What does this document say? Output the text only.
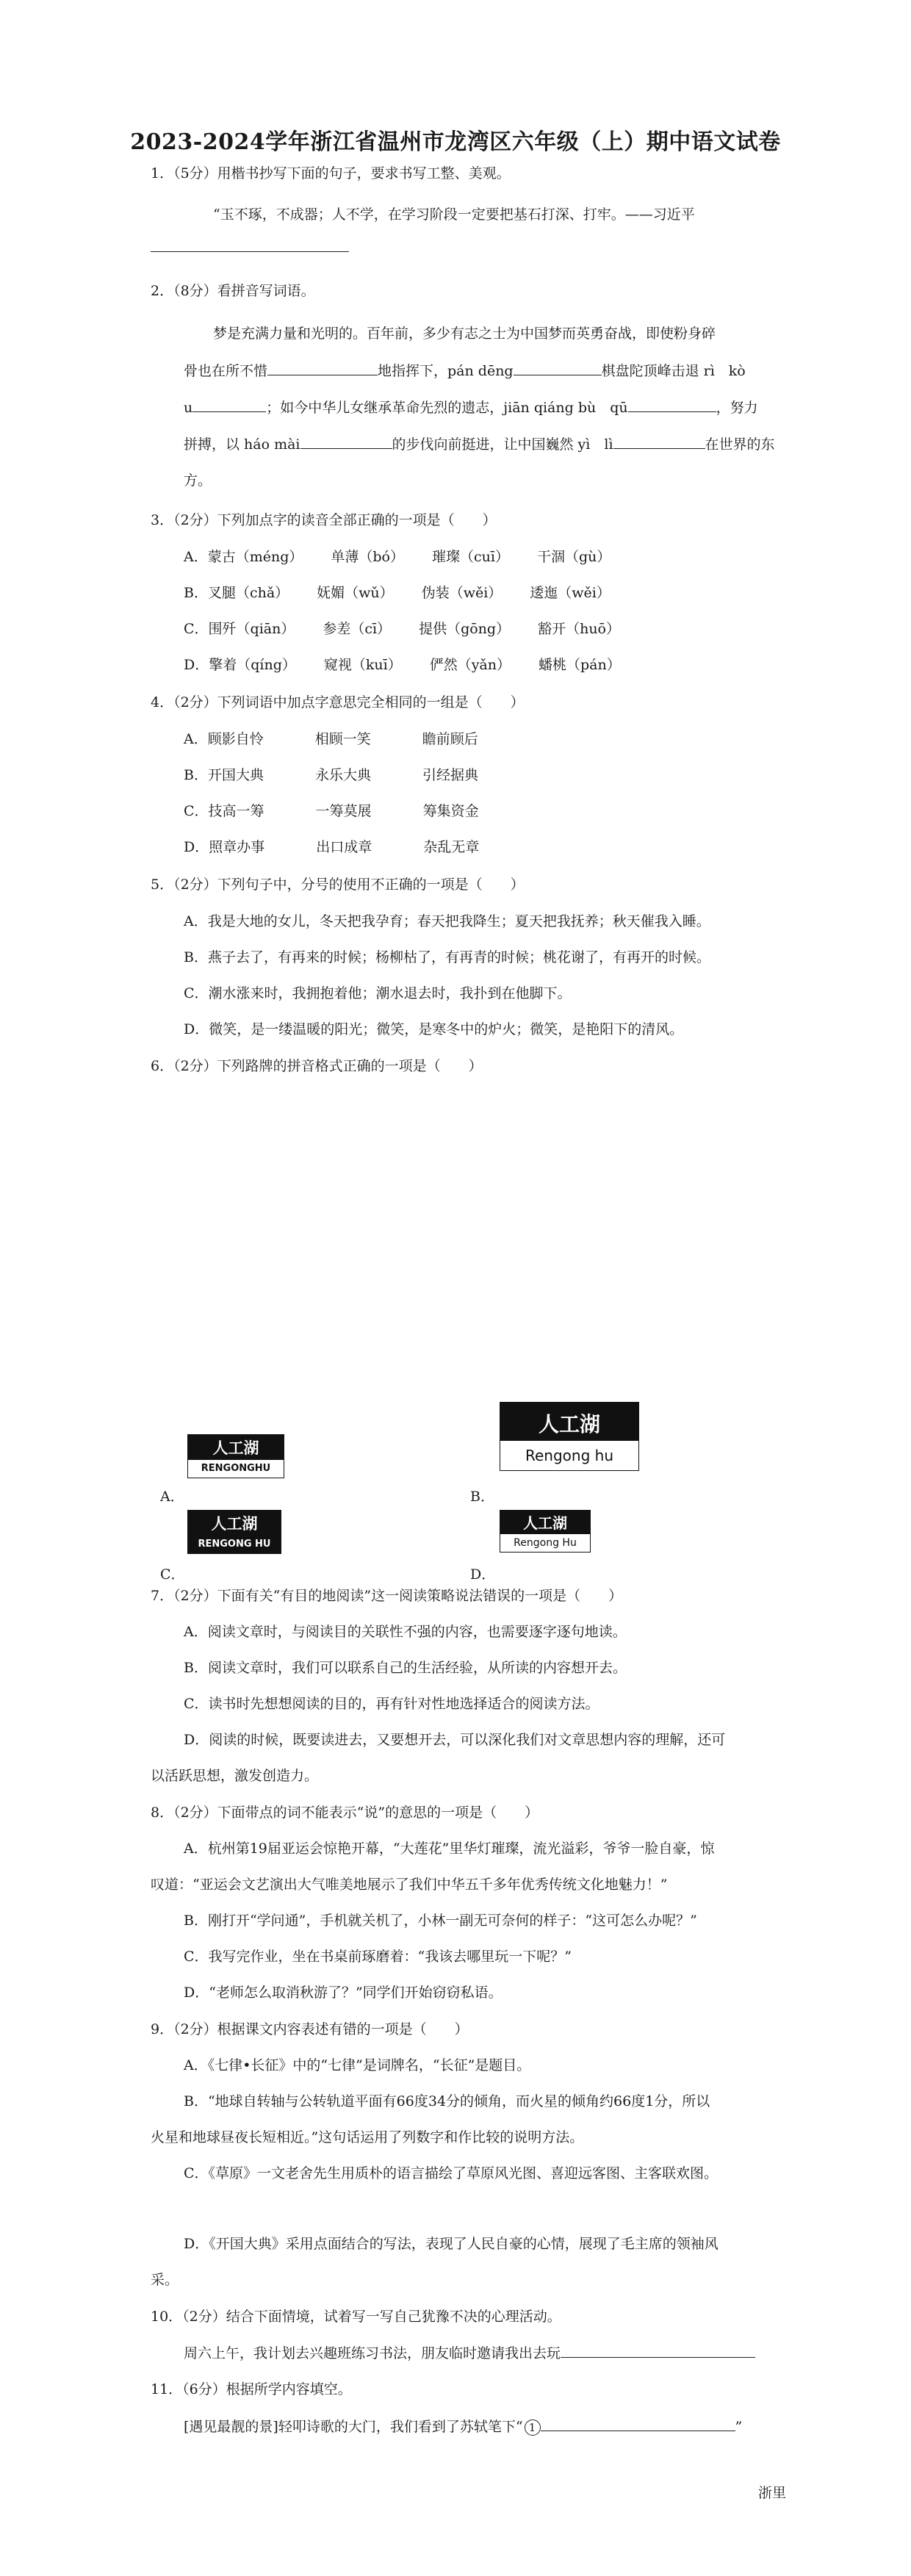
2023-2024学年浙江省温州市龙湾区六年级（上）期中语文试卷
1．（5分）用楷书抄写下面的句子，要求书写工整、美观。
“玉不琢，不成器；人不学，在学习阶段一定要把基石打深、打牢。——习近平
2．（8分）看拼音写词语。
梦是充满力量和光明的。百年前，多少有志之士为中国梦而英勇奋战，即使粉身碎
骨也在所不惜	地指挥下，pán dēng	棋盘陀顶峰击退 rì　kò
u	；如今中华儿女继承革命先烈的遗志，jiān qiáng bù　qū	，努力
拼搏，以 háo mài	的步伐向前挺进，让中国巍然 yì　lì	在世界的东
方。
3．（2分）下列加点字的读音全部正确的一项是（　　）
A．蒙古（méng） 单薄（bó） 璀璨（cuī） 干涸（gù）
B．叉腿（chǎ） 妩媚（wǔ） 伪装（wěi） 逶迤（wěi）
C．围歼（qiān） 参差（cī） 提供（gōng） 豁开（huō）
D．擎着（qíng） 窥视（kuī） 俨然（yǎn） 蟠桃（pán）
4．（2分）下列词语中加点字意思完全相同的一组是（　　）
A．顾影自怜	相顾一笑	瞻前顾后
B．开国大典	永乐大典	引经据典
C．技高一筹	一筹莫展	筹集资金
D．照章办事	出口成章	杂乱无章
5．（2分）下列句子中，分号的使用不正确的一项是（　　）
A．我是大地的女儿，冬天把我孕育；春天把我降生；夏天把我抚养；秋天催我入睡。
B．燕子去了，有再来的时候；杨柳枯了，有再青的时候；桃花谢了，有再开的时候。
C．潮水涨来时，我拥抱着他；潮水退去时，我扑到在他脚下。
D．微笑，是一缕温暖的阳光；微笑，是寒冬中的炉火；微笑，是艳阳下的清风。
6．（2分）下列路牌的拼音格式正确的一项是（　　）
A．
人工湖
RENGONGHU
B．
人工湖
Rengong hu
C．
人工湖
RENGONG HU
D．
人工湖
Rengong Hu
7．（2分）下面有关“有目的地阅读”这一阅读策略说法错误的一项是（　　）
A．阅读文章时，与阅读目的关联性不强的内容，也需要逐字逐句地读。
B．阅读文章时，我们可以联系自己的生活经验，从所读的内容想开去。
C．读书时先想想阅读的目的，再有针对性地选择适合的阅读方法。
D．阅读的时候，既要读进去，又要想开去，可以深化我们对文章思想内容的理解，还可
以活跃思想，激发创造力。
8．（2分）下面带点的词不能表示“说”的意思的一项是（　　）
A．杭州第19届亚运会惊艳开幕，“大莲花”里华灯璀璨，流光溢彩，爷爷一脸自豪，惊
叹道：“亚运会文艺演出大气唯美地展示了我们中华五千多年优秀传统文化地魅力！”
B．刚打开“学问通”，手机就关机了，小林一副无可奈何的样子：“这可怎么办呢？”
C．我写完作业，坐在书桌前琢磨着：“我该去哪里玩一下呢？”
D．“老师怎么取消秋游了？”同学们开始窃窃私语。
9．（2分）根据课文内容表述有错的一项是（　　）
A．《七律•长征》中的“七律”是词牌名，“长征”是题目。
B．“地球自转轴与公转轨道平面有66度34分的倾角，而火星的倾角约66度1分，所以
火星和地球昼夜长短相近。”这句话运用了列数字和作比较的说明方法。
C．《草原》一文老舍先生用质朴的语言描绘了草原风光图、喜迎远客图、主客联欢图。
D．《开国大典》采用点面结合的写法，表现了人民自豪的心情，展现了毛主席的领袖风
采。
10．（2分）结合下面情境，试着写一写自己犹豫不决的心理活动。
周六上午，我计划去兴趣班练习书法，朋友临时邀请我出去玩
11．（6分）根据所学内容填空。
[遇见最靓的景]轻叩诗歌的大门，我们看到了苏轼笔下“ 1	”
浙里
